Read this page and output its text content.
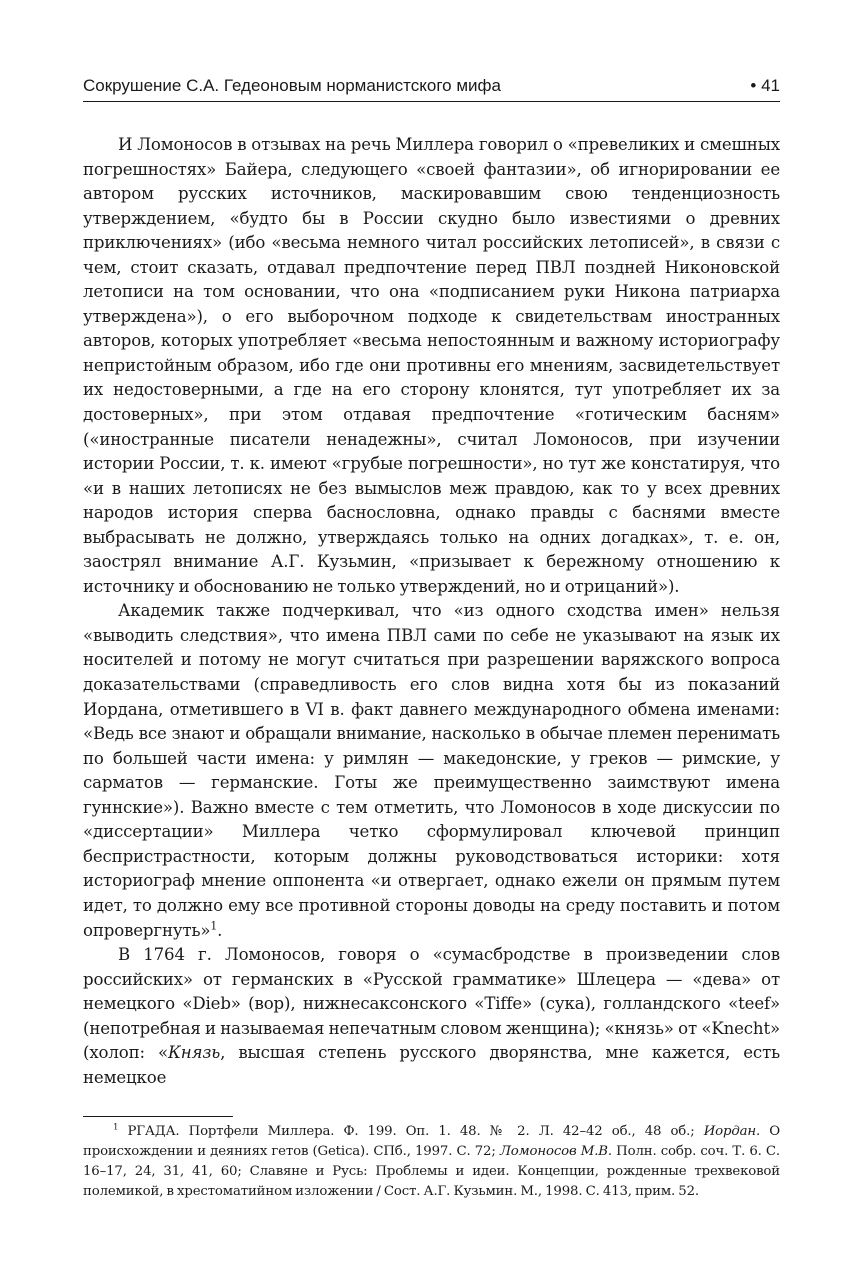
Сокрушение С.А. Гедеоновым норманистского мифа	• 41

И Ломоносов в отзывах на речь Миллера говорил о «превеликих и смешных погрешностях» Байера, следующего «своей фантазии», об игнорировании ее автором русских источников, маскировавшим свою тенденциозность утверждением, «будто бы в России скудно было известиями о древних приключениях» (ибо «весьма немного читал российских летописей», в связи с чем, стоит сказать, отдавал предпочтение перед ПВЛ поздней Никоновской летописи на том основании, что она «подписанием руки Никона патриарха утверждена»), о его выборочном подходе к свидетельствам иностранных авторов, которых употребляет «весьма непостоянным и важному историографу непристойным образом, ибо где они противны его мнениям, засвидетельствует их недостоверными, а где на его сторону клонятся, тут употребляет их за достоверных», при этом отдавая предпочтение «готическим басням» («иностранные писатели ненадежны», считал Ломоносов, при изучении истории России, т. к. имеют «грубые погрешности», но тут же констатируя, что «и в наших летописях не без вымыслов меж правдою, как то у всех древних народов история сперва баснословна, однако правды с баснями вместе выбрасывать не должно, утверждаясь только на одних догадках», т. е. он, заострял внимание А.Г. Кузьмин, «призывает к бережному отношению к источнику и обоснованию не только утверждений, но и отрицаний»).

Академик также подчеркивал, что «из одного сходства имен» нельзя «выводить следствия», что имена ПВЛ сами по себе не указывают на язык их носителей и потому не могут считаться при разрешении варяжского вопроса доказательствами (справедливость его слов видна хотя бы из показаний Иордана, отметившего в VI в. факт давнего международного обмена именами: «Ведь все знают и обращали внимание, насколько в обычае племен перенимать по большей части имена: у римлян — македонские, у греков — римские, у сарматов — германские. Готы же преимущественно заимствуют имена гуннские»). Важно вместе с тем отметить, что Ломоносов в ходе дискуссии по «диссертации» Миллера четко сформулировал ключевой принцип беспристрастности, которым должны руководствоваться историки: хотя историограф мнение оппонента «и отвергает, однако ежели он прямым путем идет, то должно ему все противной стороны доводы на среду поставить и потом опровергнуть»$^1$.

В 1764 г. Ломоносов, говоря о «сумасбродстве в произведении слов российских» от германских в «Русской грамматике» Шлецера — «дева» от немецкого «Dieb» (вор), нижнесаксонского «Tiffe» (сука), голландского «teef» (непотребная и называемая непечатным словом женщина); «князь» от «Knecht» (холоп: «Князь, высшая степень русского дворянства, мне кажется, есть немецкое

$^1$ РГАДА. Портфели Миллера. Ф. 199. Оп. 1. 48. № 2. Л. 42–42 об., 48 об.; Иордан. О происхождении и деяниях гетов (Getica). СПб., 1997. С. 72; Ломоносов М.В. Полн. собр. соч. Т. 6. С. 16–17, 24, 31, 41, 60; Славяне и Русь: Проблемы и идеи. Концепции, рожденные трехвековой полемикой, в хрестоматийном изложении / Сост. А.Г. Кузьмин. М., 1998. С. 413, прим. 52.
